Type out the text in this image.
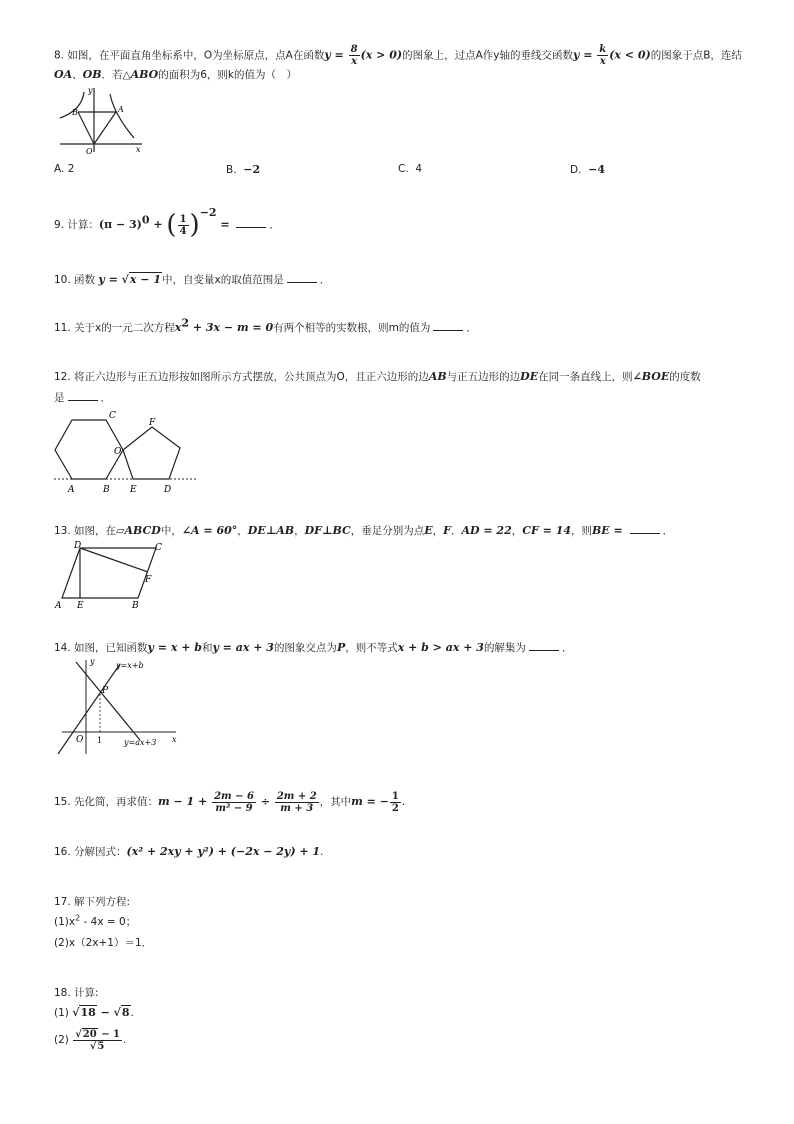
8. 如图，在平面直角坐标系中，O为坐标原点，点A在函数$y = \frac{8}{x} (x > 0)$的图象上，过点A作y轴的垂线交函数$y = \frac{k}{x} (x < 0)$的图象于点B，连结
OA、OB．若△ABO的面积为6，则k的值为（　）
y
x
O
A
B
A. 2	B. −2	C. 4	D. −4
9. 计算：$(\pi - 3)^0$ + ( $\frac{1}{4} )^{-2}$ =	．
10. 函数 y = √x − 1中，自变量x的取值范围是	．
11. 关于x的一元二次方程$x^2 + 3x - m = 0$有两个相等的实数根，则m的值为	．
12. 将正六边形与正五边形按如图所示方式摆放，公共顶点为O，且正六边形的边AB与正五边形的边DE在同一条直线上，则∠BOE的度数
是	．
A	B
C
D
E
F
O
13. 如图，在▱ABCD中，∠A = 60°，DE⊥AB，DF⊥BC，垂足分别为点E，F．AD = 22，CF = 14，则BE =	．
A	B
C
D
E
F
14. 如图，已知函数y = x + b和y = ax + 3的图象交点为P，则不等式x + b > ax + 3的解集为	．
y
x
O
P
1
y=x+b
y=ax+3
15. 先化简，再求值：$m - 1 + \frac{2m - 6}{\text{m² − 9}} \div \frac{2m + 2}{m + 3}$ ，其中m = − $\frac{1}{2}$ .
16. 分解因式：(x² + 2xy + y²) + (−2x − 2y) + 1.
17. 解下列方程:
$(1)x^2 - 4x = 0$；
(2)x（2x+1）＝1．
18. 计算:
(1) √18 − √8.
$(2) \frac{√20 - 1}{√5}$ .
